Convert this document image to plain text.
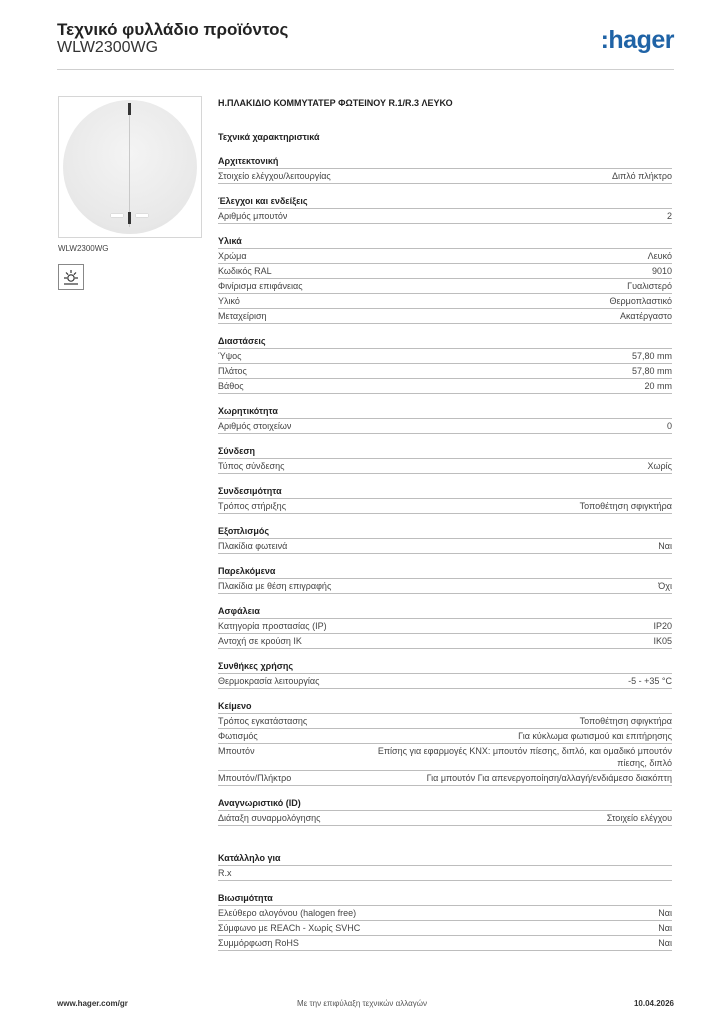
Τεχνικό φυλλάδιο προϊόντος
WLW2300WG	:hager
WLW2300WG
Η.ΠΛΑΚΙΔΙΟ ΚΟΜΜΥΤΑΤΕΡ ΦΩΤΕΙΝΟΥ R.1/R.3 ΛΕΥΚΟ
Τεχνικά χαρακτηριστικά
Αρχιτεκτονική
Στοιχείο ελέγχου/λειτουργίας	Διπλό πλήκτρο
Έλεγχοι και ενδείξεις
Αριθμός μπουτόν	2
Υλικά
Χρώμα	Λευκό
Κωδικός RAL	9010
Φινίρισμα επιφάνειας	Γυαλιστερό
Υλικό	Θερμοπλαστικό
Μεταχείριση	Ακατέργαστο
Διαστάσεις
Ύψος	57,80 mm
Πλάτος	57,80 mm
Βάθος	20 mm
Χωρητικότητα
Αριθμός στοιχείων	0
Σύνδεση
Τύπος σύνδεσης	Χωρίς
Συνδεσιμότητα
Τρόπος στήριξης	Τοποθέτηση σφιγκτήρα
Εξοπλισμός
Πλακίδια φωτεινά	Ναι
Παρελκόμενα
Πλακίδια με θέση επιγραφής	Όχι
Ασφάλεια
Κατηγορία προστασίας (IP)	IP20
Αντοχή σε κρούση IK	IK05
Συνθήκες χρήσης
Θερμοκρασία λειτουργίας	-5 - +35 °C
Κείμενο
Τρόπος εγκατάστασης	Τοποθέτηση σφιγκτήρα
Φωτισμός	Για κύκλωμα φωτισμού και επιτήρησης
Μπουτόν	Επίσης για εφαρμογές KNX: μπουτόν πίεσης, διπλό, και ομαδικό μπουτόν πίεσης, διπλό
Μπουτόν/Πλήκτρο	Για μπουτόν Για απενεργοποίηση/αλλαγή/ενδιάμεσο διακόπτη
Αναγνωριστικό (ID)
Διάταξη συναρμολόγησης	Στοιχείο ελέγχου
Κατάλληλο για
R.x
Βιωσιμότητα
Ελεύθερο αλογόνου (halogen free)	Ναι
Σύμφωνο με REACh - Χωρίς SVHC	Ναι
Συμμόρφωση RoHS	Ναι
www.hager.com/gr	Με την επιφύλαξη τεχνικών αλλαγών	10.04.2026
